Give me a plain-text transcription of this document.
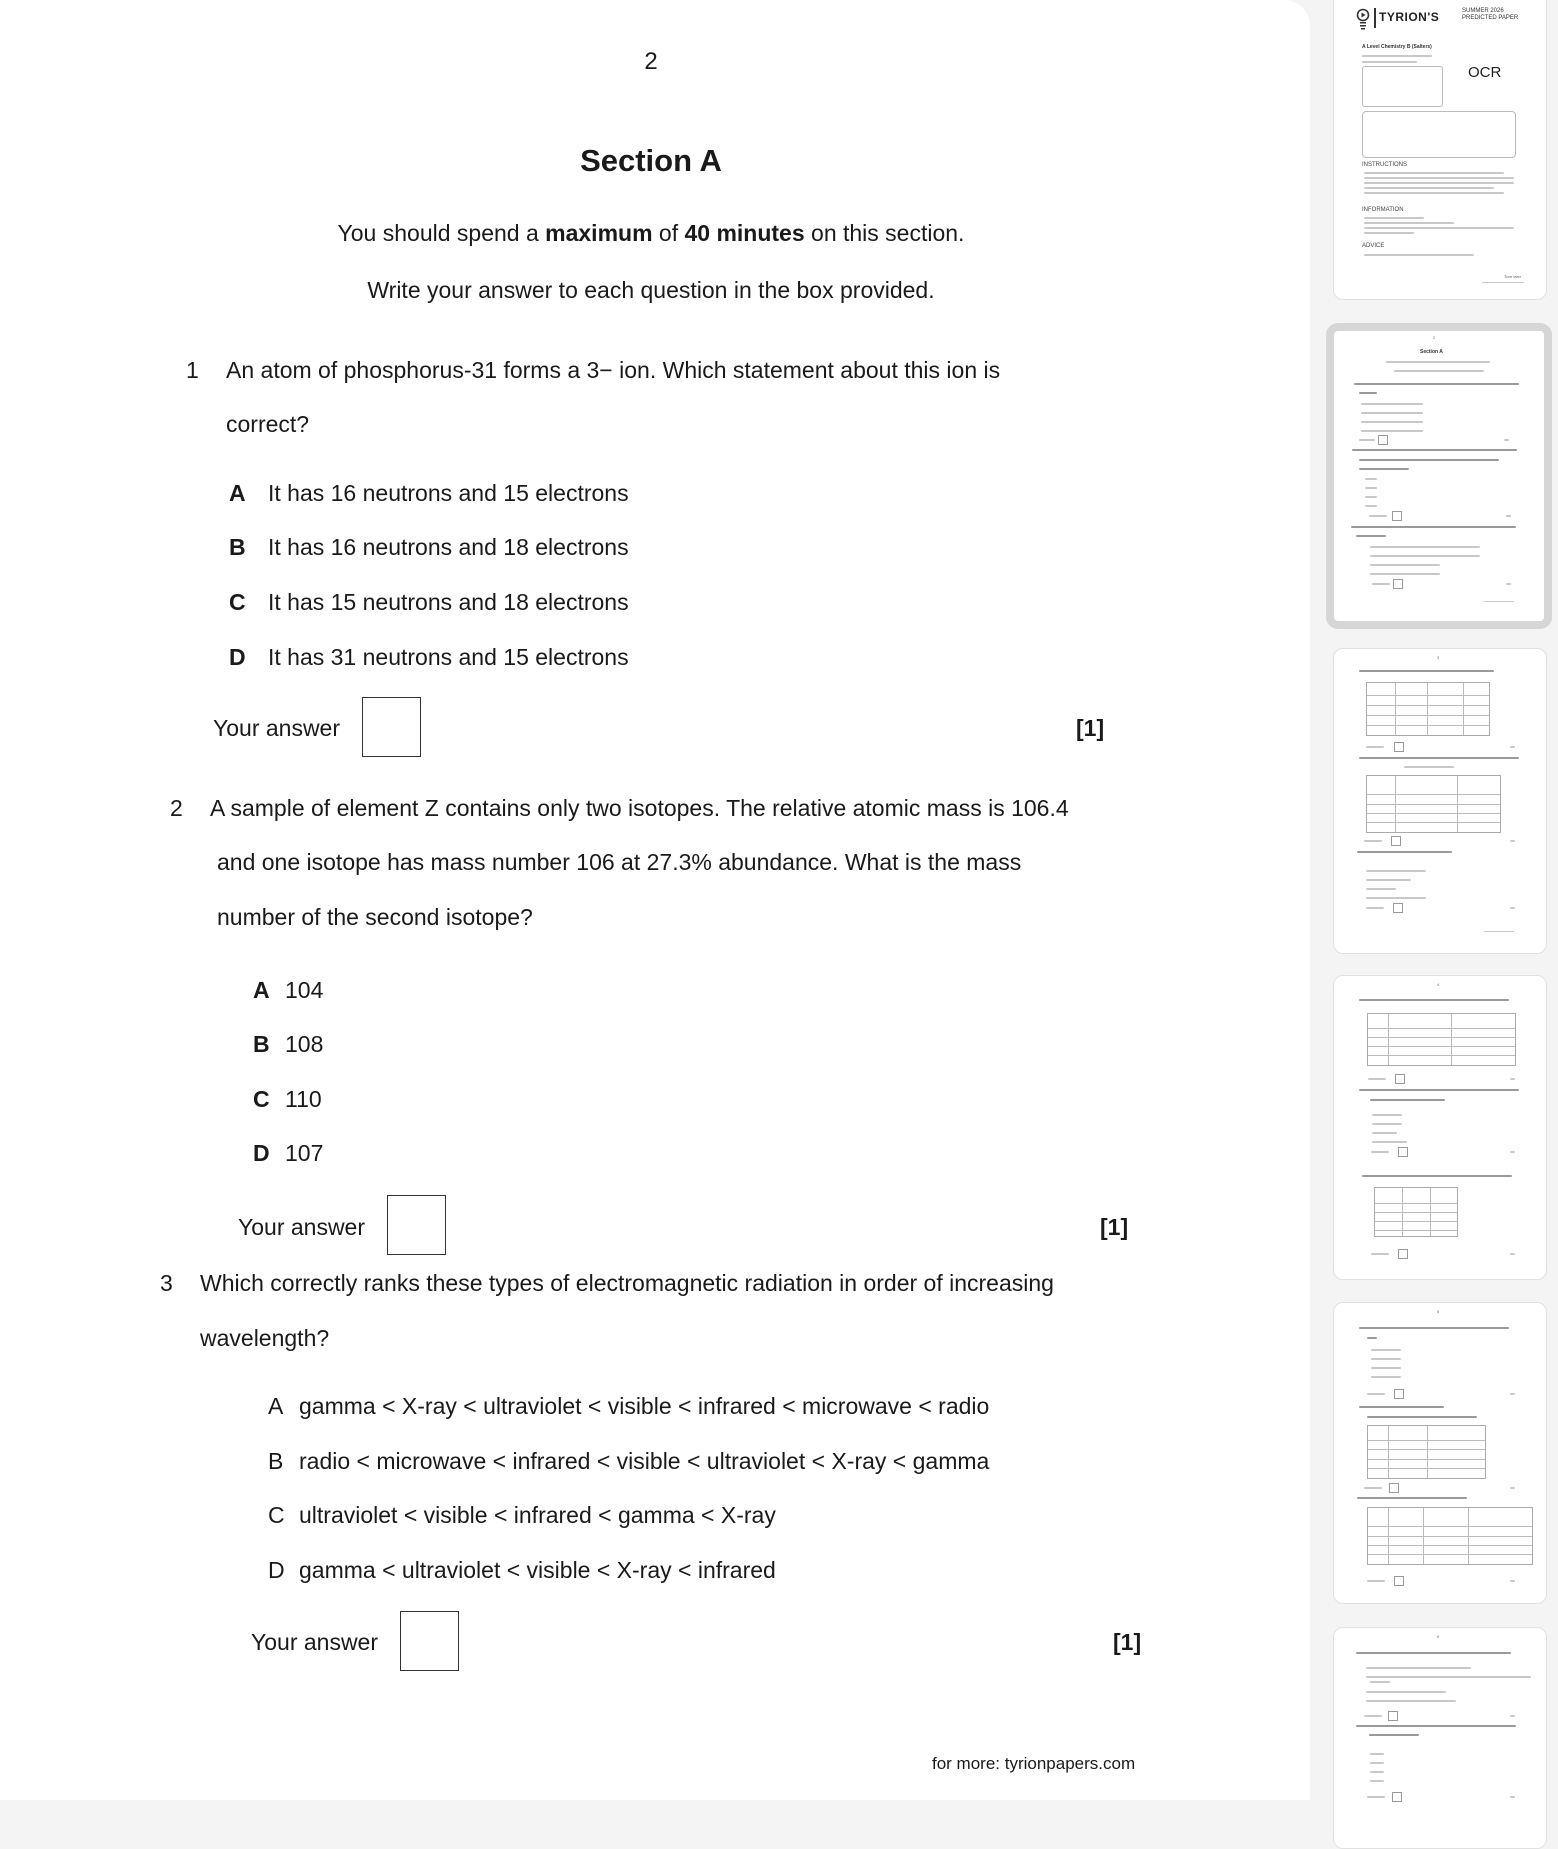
2
Section A
You should spend a maximum of 40 minutes on this section.
Write your answer to each question in the box provided.
1 An atom of phosphorus-31 forms a 3− ion. Which statement about this ion is
correct?
A It has 16 neutrons and 15 electrons
B It has 16 neutrons and 18 electrons
C It has 15 neutrons and 18 electrons
D It has 31 neutrons and 15 electrons
Your answer	[1]
2 A sample of element Z contains only two isotopes. The relative atomic mass is 106.4
and one isotope has mass number 106 at 27.3% abundance. What is the mass
number of the second isotope?
A 104
B 108
C 110
D 107
Your answer	[1]
3 Which correctly ranks these types of electromagnetic radiation in order of increasing
wavelength?
A gamma < X-ray < ultraviolet < visible < infrared < microwave < radio
B radio < microwave < infrared < visible < ultraviolet < X-ray < gamma
C ultraviolet < visible < infrared < gamma < X-ray
D gamma < ultraviolet < visible < X-ray < infrared
Your answer	[1]
for more: tyrionpapers.com
TYRION'S	SUMMER 2026
PREDICTED PAPER
A Level Chemistry B (Salters)
OCR
INSTRUCTIONS
INFORMATION
ADVICE
Turn over
2
Section A
3
4
5
6
